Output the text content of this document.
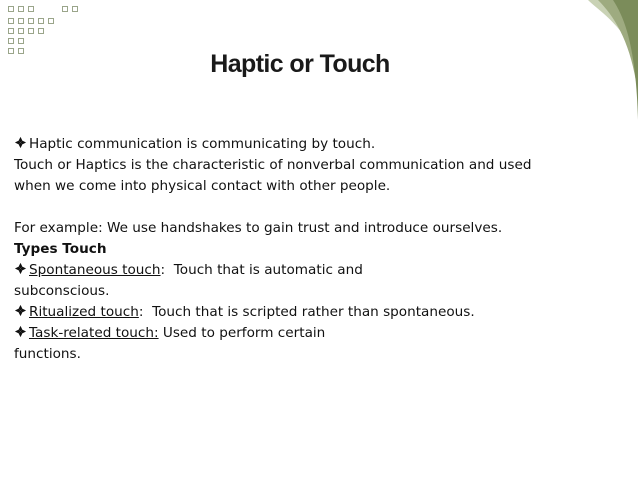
Haptic or Touch
Haptic communication is communicating by touch.
Touch or Haptics is the characteristic of nonverbal communication and used
when we come into physical contact with other people.
For example: We use handshakes to gain trust and introduce ourselves.
Types Touch
Spontaneous touch:  Touch that is automatic and
subconscious.
Ritualized touch:  Touch that is scripted rather than spontaneous.
Task-related touch: Used to perform certain
functions.
